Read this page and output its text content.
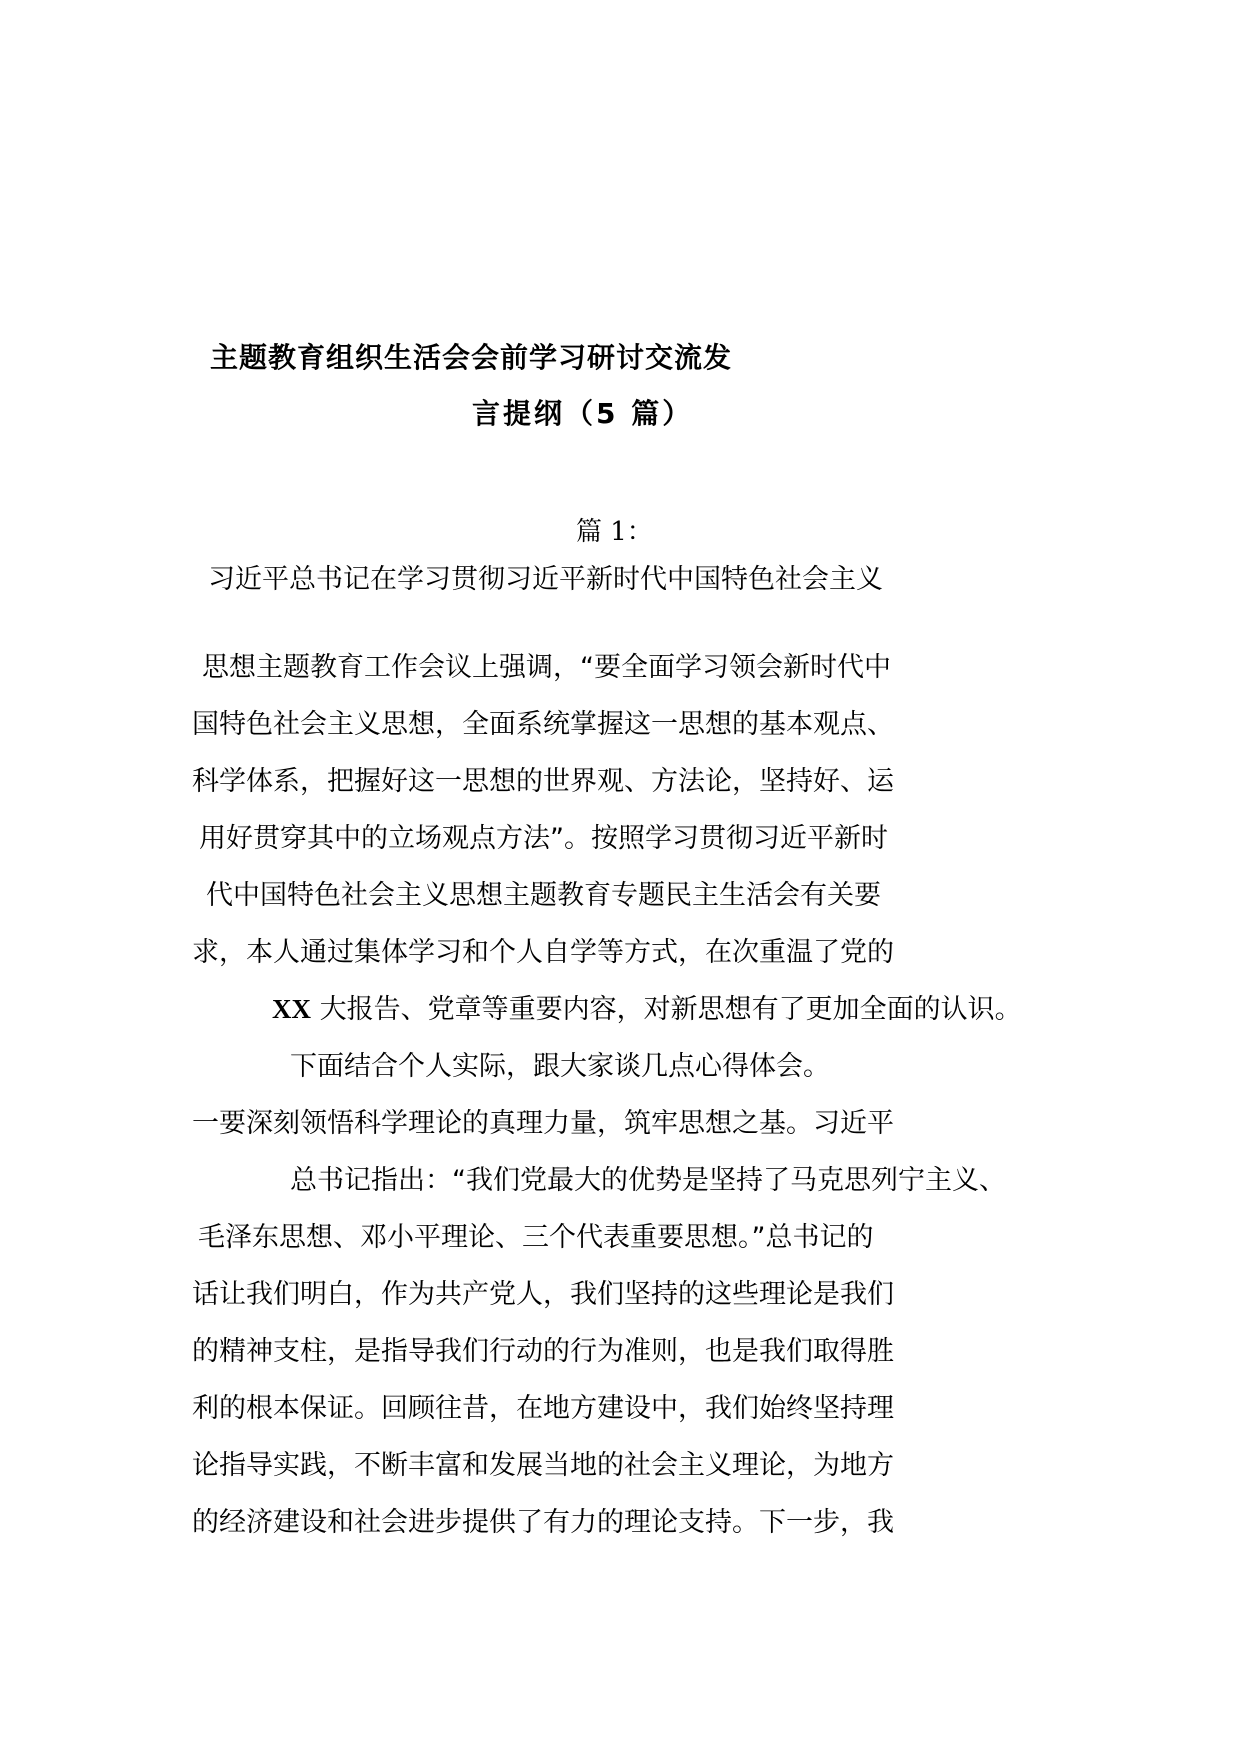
主题教育组织生活会会前学习研讨交流发
言提纲（5 篇）
篇 1：
习近平总书记在学习贯彻习近平新时代中国特色社会主义
思想主题教育工作会议上强调，“要全面学习领会新时代中
国特色社会主义思想，全面系统掌握这一思想的基本观点、
科学体系，把握好这一思想的世界观、方法论，坚持好、运
用好贯穿其中的立场观点方法”。按照学习贯彻习近平新时
代中国特色社会主义思想主题教育专题民主生活会有关要
求，本人通过集体学习和个人自学等方式，在次重温了党的
XX 大报告、党章等重要内容，对新思想有了更加全面的认识。
下面结合个人实际，跟大家谈几点心得体会。
一要深刻领悟科学理论的真理力量，筑牢思想之基。习近平
总书记指出：“我们党最大的优势是坚持了马克思列宁主义、
毛泽东思想、邓小平理论、三个代表重要思想。”总书记的
话让我们明白，作为共产党人，我们坚持的这些理论是我们
的精神支柱，是指导我们行动的行为准则，也是我们取得胜
利的根本保证。回顾往昔，在地方建设中，我们始终坚持理
论指导实践，不断丰富和发展当地的社会主义理论，为地方
的经济建设和社会进步提供了有力的理论支持。下一步，我
